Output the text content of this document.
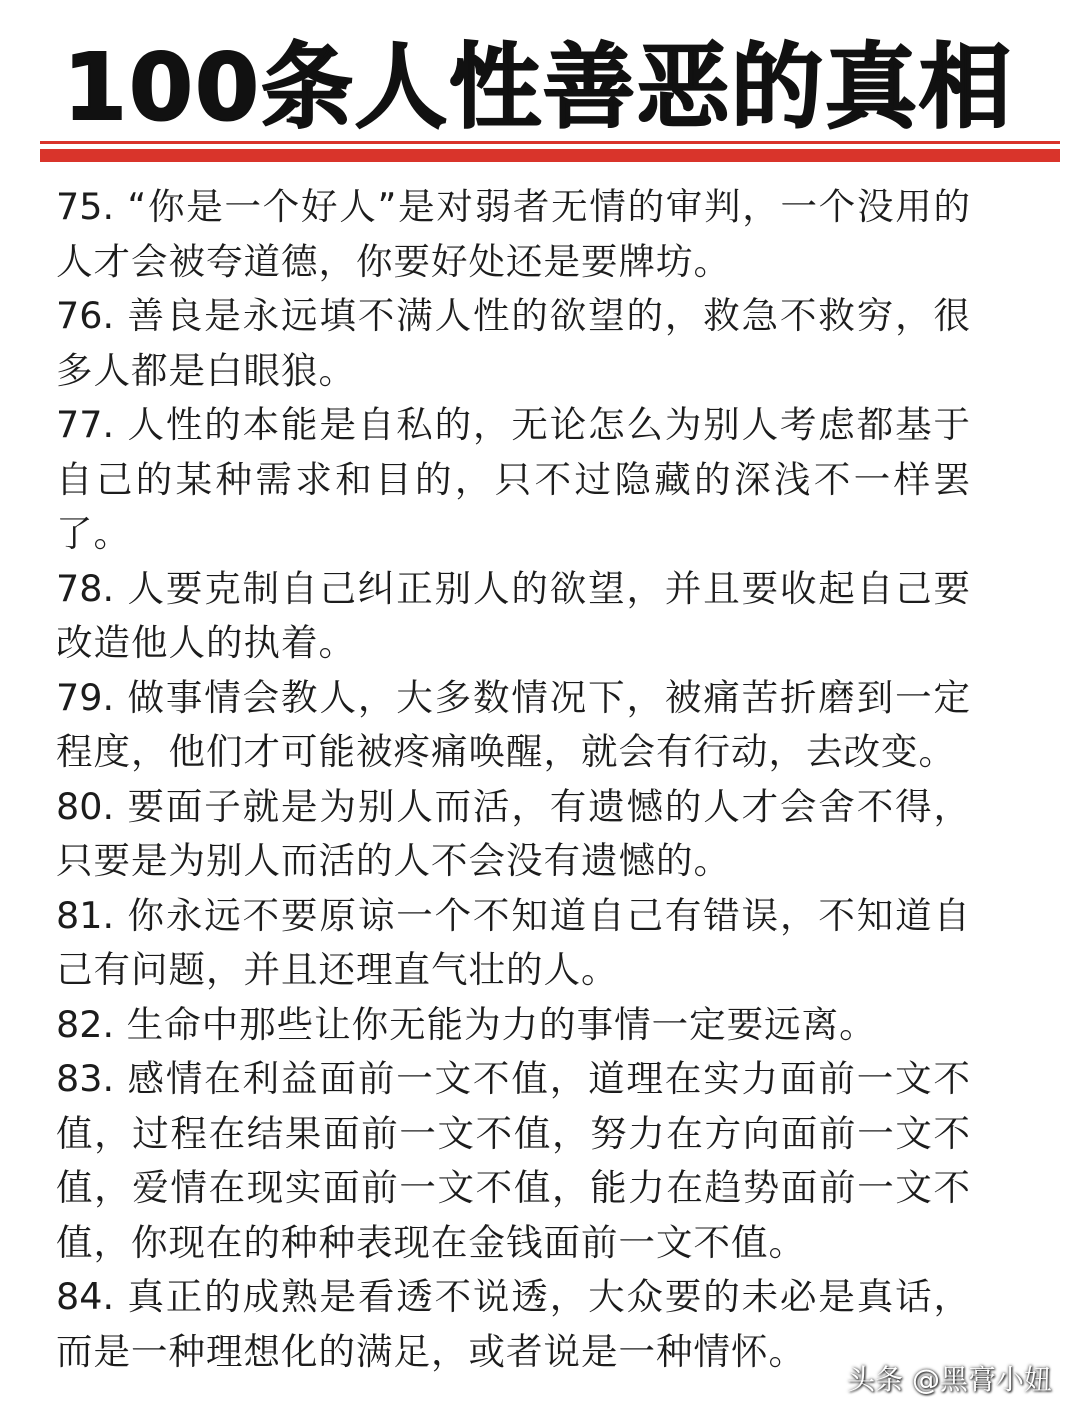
100条人性善恶的真相
75. “你是一个好人”是对弱者无情的审判，一个没用的人才会被夸道德，你要好处还是要牌坊。
76. 善良是永远填不满人性的欲望的，救急不救穷，很多人都是白眼狼。
77. 人性的本能是自私的，无论怎么为别人考虑都基于自己的某种需求和目的，只不过隐藏的深浅不一样罢了。
78. 人要克制自己纠正别人的欲望，并且要收起自己要改造他人的执着。
79. 做事情会教人，大多数情况下，被痛苦折磨到一定程度，他们才可能被疼痛唤醒，就会有行动，去改变。
80. 要面子就是为别人而活，有遗憾的人才会舍不得，只要是为别人而活的人不会没有遗憾的。
81. 你永远不要原谅一个不知道自己有错误，不知道自己有问题，并且还理直气壮的人。
82. 生命中那些让你无能为力的事情一定要远离。
83. 感情在利益面前一文不值，道理在实力面前一文不值，过程在结果面前一文不值，努力在方向面前一文不值，爱情在现实面前一文不值，能力在趋势面前一文不值，你现在的种种表现在金钱面前一文不值。
84. 真正的成熟是看透不说透，大众要的未必是真话，而是一种理想化的满足，或者说是一种情怀。
头条 @黑膏小妞
